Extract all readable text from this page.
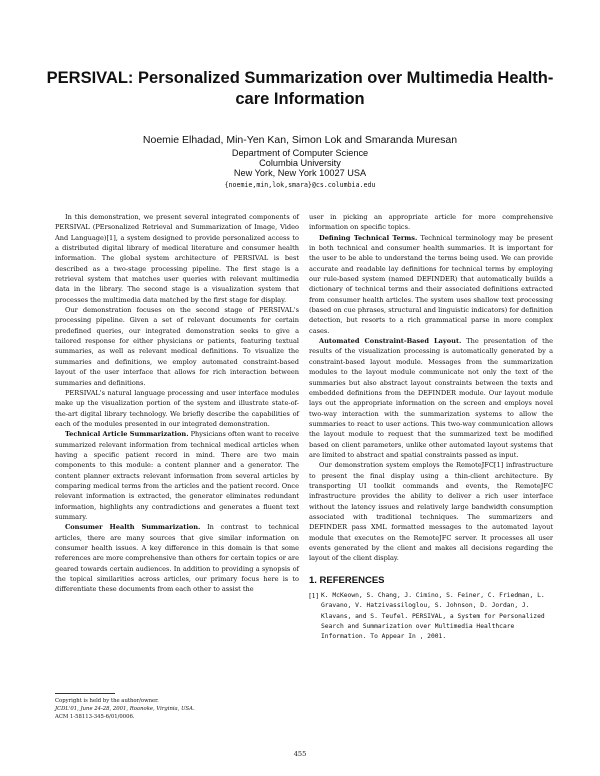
PERSIVAL: Personalized Summarization over Multimedia Health-care Information
Noemie Elhadad, Min-Yen Kan, Simon Lok and Smaranda Muresan
Department of Computer Science
Columbia University
New York, New York 10027 USA
{noemie,min,lok,smara}@cs.columbia.edu

In this demonstration, we present several integrated components of PERSIVAL (PErsonalized Retrieval and Summarization of Image, Video And Language)[1], a system designed to provide personalized access to a distributed digital library of medical literature and consumer health information. The global system architecture of PERSIVAL is best described as a two-stage processing pipeline. The first stage is a retrieval system that matches user queries with relevant multimedia data in the library. The second stage is a visualization system that processes the multimedia data matched by the first stage for display.

Our demonstration focuses on the second stage of PERSIVAL's processing pipeline. Given a set of relevant documents for certain predefined queries, our integrated demonstration seeks to give a tailored response for either physicians or patients, featuring textual summaries, as well as relevant medical definitions. To visualize the summaries and definitions, we employ automated constraint-based layout of the user interface that allows for rich interaction between summaries and definitions.

PERSIVAL's natural language processing and user interface modules make up the visualization portion of the system and illustrate state-of-the-art digital library technology. We briefly describe the capabilities of each of the modules presented in our integrated demonstration.

Technical Article Summarization. Physicians often want to receive summarized relevant information from technical medical articles when having a specific patient record in mind. There are two main components to this module: a content planner and a generator. The content planner extracts relevant information from several articles by comparing medical terms from the articles and the patient record. Once relevant information is extracted, the generator eliminates redundant information, highlights any contradictions and generates a fluent text summary.

Consumer Health Summarization. In contrast to technical articles, there are many sources that give similar information on consumer health issues. A key difference in this domain is that some references are more comprehensive than others for certain topics or are geared towards certain audiences. In addition to providing a synopsis of the topical similarities across articles, our primary focus here is to differentiate these documents from each other to assist the

user in picking an appropriate article for more comprehensive information on specific topics.

Defining Technical Terms. Technical terminology may be present in both technical and consumer health summaries. It is important for the user to be able to understand the terms being used. We can provide accurate and readable lay definitions for technical terms by employing our rule-based system (named DEFINDER) that automatically builds a dictionary of technical terms and their associated definitions extracted from consumer health articles. The system uses shallow text processing (based on cue phrases, structural and linguistic indicators) for definition detection, but resorts to a rich grammatical parse in more complex cases.

Automated Constraint-Based Layout. The presentation of the results of the visualization processing is automatically generated by a constraint-based layout module. Messages from the summarization modules to the layout module communicate not only the text of the summaries but also abstract layout constraints between the texts and embedded definitions from the DEFINDER module. Our layout module lays out the appropriate information on the screen and employs novel two-way interaction with the summarization systems to allow the summaries to react to user actions. This two-way communication allows the layout module to request that the summarized text be modified based on client parameters, unlike other automated layout systems that are limited to abstract and spatial constraints passed as input.

Our demonstration system employs the RemoteJFC[1] infrastructure to present the final display using a thin-client architecture. By transporting UI toolkit commands and events, the RemoteJFC infrastructure provides the ability to deliver a rich user interface without the latency issues and relatively large bandwidth consumption associated with traditional techniques. The summarizers and DEFINDER pass XML formatted messages to the automated layout module that executes on the RemoteJFC server. It processes all user events generated by the client and makes all decisions regarding the layout of the client display.

1. REFERENCES
[1] K. McKeown, S. Chang, J. Cimino, S. Feiner, C. Friedman, L. Gravano, V. Hatzivassiloglou, S. Johnson, D. Jordan, J. Klavans, and S. Teufel. PERSIVAL, a System for Personalized Search and Summarization over Multimedia Healthcare Information. To Appear In , 2001.
Copyright is held by the author/owner.
JCDL'01, June 24-28, 2001, Roanoke, Virginia, USA.
ACM 1-58113-345-6/01/0006.
455
